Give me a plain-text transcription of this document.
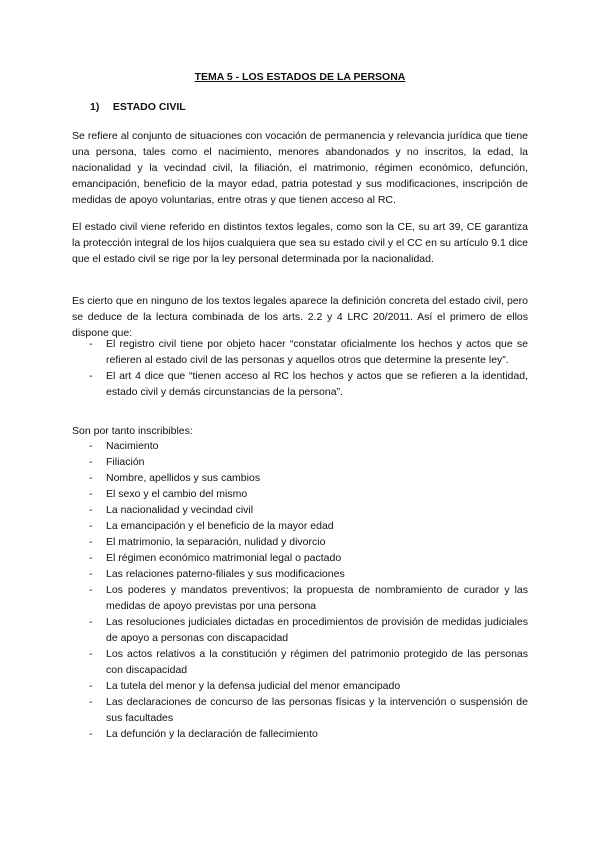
TEMA 5 - LOS ESTADOS DE LA PERSONA
1) ESTADO CIVIL

Se refiere al conjunto de situaciones con vocación de permanencia y relevancia jurídica que tiene una persona, tales como el nacimiento, menores abandonados y no inscritos, la edad, la nacionalidad y la vecindad civil, la filiación, el matrimonio, régimen económico, defunción, emancipación, beneficio de la mayor edad, patria potestad y sus modificaciones, inscripción de medidas de apoyo voluntarias, entre otras y que tienen acceso al RC.

El estado civil viene referido en distintos textos legales, como son la CE, su art 39, CE garantiza la protección integral de los hijos cualquiera que sea su estado civil y el CC en su artículo 9.1 dice que el estado civil se rige por la ley personal determinada por la nacionalidad.

Es cierto que en ninguno de los textos legales aparece la definición concreta del estado civil, pero se deduce de la lectura combinada de los arts. 2.2 y 4 LRC 20/2011. Así el primero de ellos dispone que:

- El registro civil tiene por objeto hacer “constatar oficialmente los hechos y actos que se refieren al estado civil de las personas y aquellos otros que determine la presente ley”.
- El art 4 dice que “tienen acceso al RC los hechos y actos que se refieren a la identidad, estado civil y demás circunstancias de la persona”.

Son por tanto inscribibles:

- Nacimiento
- Filiación
- Nombre, apellidos y sus cambios
- El sexo y el cambio del mismo
- La nacionalidad y vecindad civil
- La emancipación y el beneficio de la mayor edad
- El matrimonio, la separación, nulidad y divorcio
- El régimen económico matrimonial legal o pactado
- Las relaciones paterno-filiales y sus modificaciones
- Los poderes y mandatos preventivos; la propuesta de nombramiento de curador y las medidas de apoyo previstas por una persona
- Las resoluciones judiciales dictadas en procedimientos de provisión de medidas judiciales de apoyo a personas con discapacidad
- Los actos relativos a la constitución y régimen del patrimonio protegido de las personas con discapacidad
- La tutela del menor y la defensa judicial del menor emancipado
- Las declaraciones de concurso de las personas físicas y la intervención o suspensión de sus facultades
- La defunción y la declaración de fallecimiento
